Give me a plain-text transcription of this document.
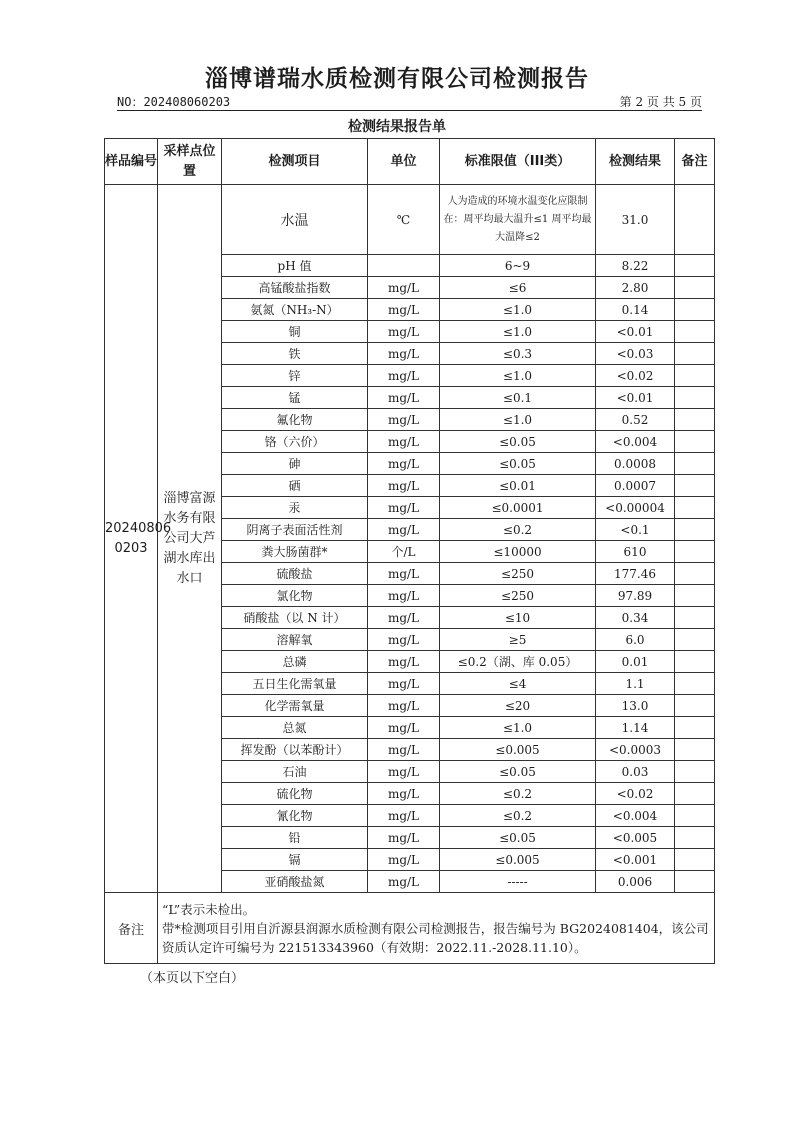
淄博谱瑞水质检测有限公司检测报告
NO：202408060203	第 2 页 共 5 页
检测结果报告单
样品编号	采样点位置	检测项目	单位	标准限值（III类）	检测结果	备注
20240806 0203	淄博富源水务有限公司大芦湖水库出水口	水温	℃	人为造成的环境水温变化应限制在：周平均最大温升≤1 周平均最大温降≤2	31.0	
		pH 值		6~9	8.22	
		高锰酸盐指数	mg/L	≤6	2.80	
		氨氮（NH₃-N）	mg/L	≤1.0	0.14	
		铜	mg/L	≤1.0	<0.01	
		铁	mg/L	≤0.3	<0.03	
		锌	mg/L	≤1.0	<0.02	
		锰	mg/L	≤0.1	<0.01	
		氟化物	mg/L	≤1.0	0.52	
		铬（六价）	mg/L	≤0.05	<0.004	
		砷	mg/L	≤0.05	0.0008	
		硒	mg/L	≤0.01	0.0007	
		汞	mg/L	≤0.0001	<0.00004	
		阴离子表面活性剂	mg/L	≤0.2	<0.1	
		粪大肠菌群*	个/L	≤10000	610	
		硫酸盐	mg/L	≤250	177.46	
		氯化物	mg/L	≤250	97.89	
		硝酸盐（以 N 计）	mg/L	≤10	0.34	
		溶解氧	mg/L	≥5	6.0	
		总磷	mg/L	≤0.2（湖、库 0.05）	0.01	
		五日生化需氧量	mg/L	≤4	1.1	
		化学需氧量	mg/L	≤20	13.0	
		总氮	mg/L	≤1.0	1.14	
		挥发酚（以苯酚计）	mg/L	≤0.005	<0.0003	
		石油	mg/L	≤0.05	0.03	
		硫化物	mg/L	≤0.2	<0.02	
		氰化物	mg/L	≤0.2	<0.004	
		铅	mg/L	≤0.05	<0.005	
		镉	mg/L	≤0.005	<0.001	
		亚硝酸盐氮	mg/L	-----	0.006	
备注	“L”表示未检出。
带*检测项目引用自沂源县润源水质检测有限公司检测报告，报告编号为 BG2024081404，该公司资质认定许可编号为 221513343960（有效期：2022.11.-2028.11.10）。					
（本页以下空白）
